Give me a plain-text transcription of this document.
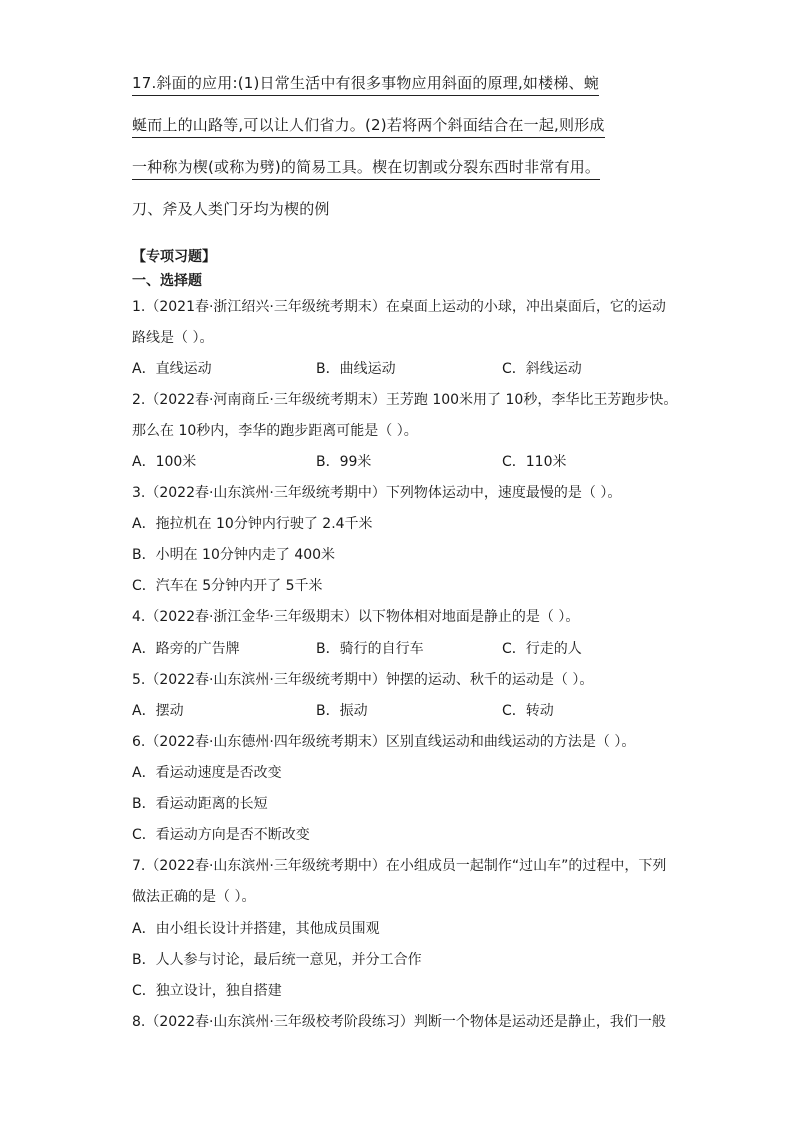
17.斜面的应用:(1)日常生活中有很多事物应用斜面的原理,如楼梯、蜿
蜒而上的山路等,可以让人们省力。(2)若将两个斜面结合在一起,则形成
一种称为楔(或称为劈)的简易工具。楔在切割或分裂东西时非常有用。
刀、斧及人类门牙均为楔的例
【专项习题】
一、选择题
1.（2021春·浙江绍兴·三年级统考期末）在桌面上运动的小球，冲出桌面后，它的运动
路线是（ ）。
A．直线运动	B．曲线运动	C．斜线运动
2.（2022春·河南商丘·三年级统考期末）王芳跑 100米用了 10秒，李华比王芳跑步快。
那么在 10秒内，李华的跑步距离可能是（ ）。
A．100米	B．99米	C．110米
3.（2022春·山东滨州·三年级统考期中）下列物体运动中，速度最慢的是（ ）。
A．拖拉机在 10分钟内行驶了 2.4千米
B．小明在 10分钟内走了 400米
C．汽车在 5分钟内开了 5千米
4.（2022春·浙江金华·三年级期末）以下物体相对地面是静止的是（ ）。
A．路旁的广告牌	B．骑行的自行车	C．行走的人
5.（2022春·山东滨州·三年级统考期中）钟摆的运动、秋千的运动是（ ）。
A．摆动	B．振动	C．转动
6.（2022春·山东德州·四年级统考期末）区别直线运动和曲线运动的方法是（ ）。
A．看运动速度是否改变
B．看运动距离的长短
C．看运动方向是否不断改变
7.（2022春·山东滨州·三年级统考期中）在小组成员一起制作“过山车”的过程中，下列
做法正确的是（ ）。
A．由小组长设计并搭建，其他成员围观
B．人人参与讨论，最后统一意见，并分工合作
C．独立设计，独自搭建
8.（2022春·山东滨州·三年级校考阶段练习）判断一个物体是运动还是静止，我们一般
